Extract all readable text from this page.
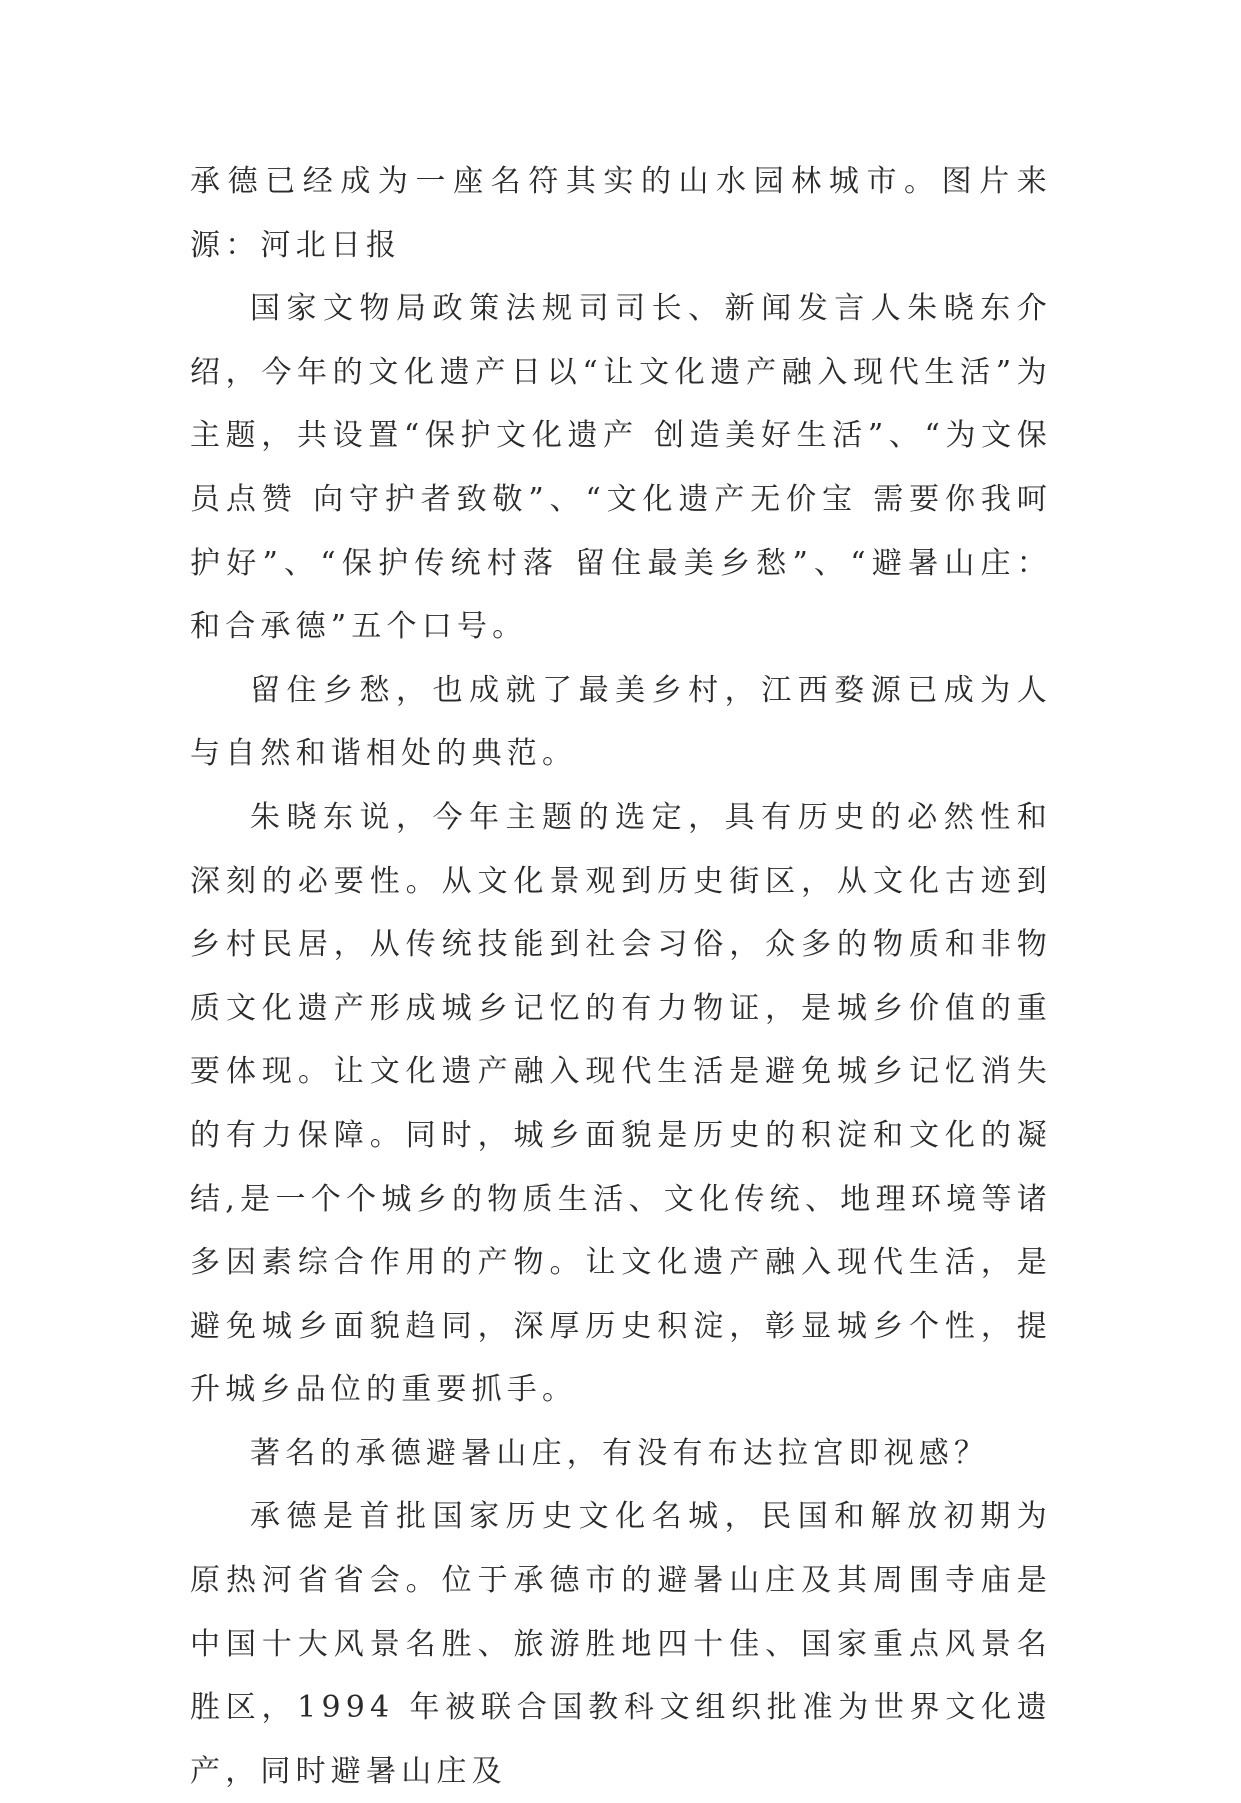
承德已经成为一座名符其实的山水园林城市。图片来源：河北日报

国家文物局政策法规司司长、新闻发言人朱晓东介绍，今年的文化遗产日以“让文化遗产融入现代生活”为主题，共设置“保护文化遗产 创造美好生活”、“为文保员点赞 向守护者致敬”、“文化遗产无价宝 需要你我呵护好”、“保护传统村落 留住最美乡愁”、“避暑山庄：和合承德”五个口号。

留住乡愁，也成就了最美乡村，江西婺源已成为人与自然和谐相处的典范。

朱晓东说，今年主题的选定，具有历史的必然性和深刻的必要性。从文化景观到历史街区，从文化古迹到乡村民居，从传统技能到社会习俗，众多的物质和非物质文化遗产形成城乡记忆的有力物证，是城乡价值的重要体现。让文化遗产融入现代生活是避免城乡记忆消失的有力保障。同时，城乡面貌是历史的积淀和文化的凝结,是一个个城乡的物质生活、文化传统、地理环境等诸多因素综合作用的产物。让文化遗产融入现代生活，是避免城乡面貌趋同，深厚历史积淀，彰显城乡个性，提升城乡品位的重要抓手。

著名的承德避暑山庄，有没有布达拉宫即视感？

承德是首批国家历史文化名城，民国和解放初期为原热河省省会。位于承德市的避暑山庄及其周围寺庙是中国十大风景名胜、旅游胜地四十佳、国家重点风景名胜区，1994 年被联合国教科文组织批准为世界文化遗产，同时避暑山庄及
